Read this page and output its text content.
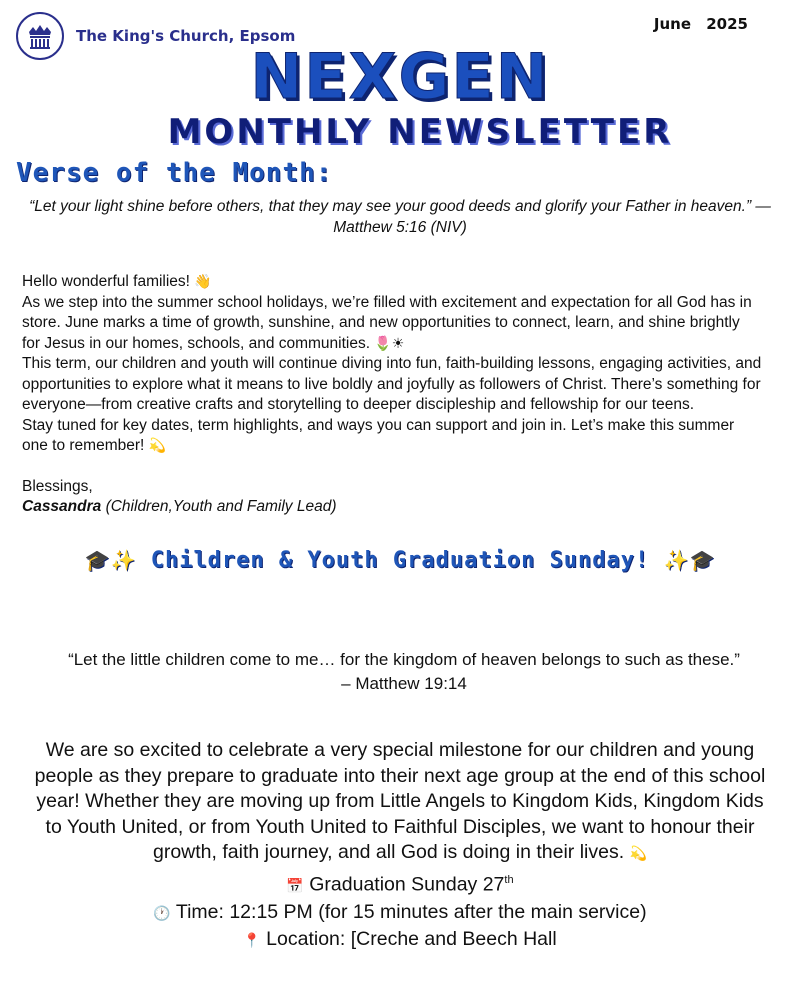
The King's Church, Epsom
June 2025
NEXGEN
MONTHLY NEWSLETTER
Verse of the Month:
“Let your light shine before others, that they may see your good deeds and glorify your Father in heaven.” — Matthew 5:16 (NIV)

Hello wonderful families! 👋

As we step into the summer school holidays, we’re filled with excitement and expectation for all God has in store. June marks a time of growth, sunshine, and new opportunities to connect, learn, and shine brightly for Jesus in our homes, schools, and communities. 🌷☀

This term, our children and youth will continue diving into fun, faith-building lessons, engaging activities, and opportunities to explore what it means to live boldly and joyfully as followers of Christ. There’s something for everyone—from creative crafts and storytelling to deeper discipleship and fellowship for our teens.

Stay tuned for key dates, term highlights, and ways you can support and join in. Let’s make this summer one to remember! 💫

Blessings,

Cassandra (Children,Youth and Family Lead)

🎓✨ Children & Youth Graduation Sunday! ✨🎓
“Let the little children come to me… for the kingdom of heaven belongs to such as these.”
– Matthew 19:14

We are so excited to celebrate a very special milestone for our children and young people as they prepare to graduate into their next age group at the end of this school year! Whether they are moving up from Little Angels to Kingdom Kids, Kingdom Kids to Youth United, or from Youth United to Faithful Disciples, we want to honour their growth, faith journey, and all God is doing in their lives. 💫

📅 Graduation Sunday 27th

🕐 Time: 12:15 PM (for 15 minutes after the main service)

📍 Location: [Creche and Beech Hall
